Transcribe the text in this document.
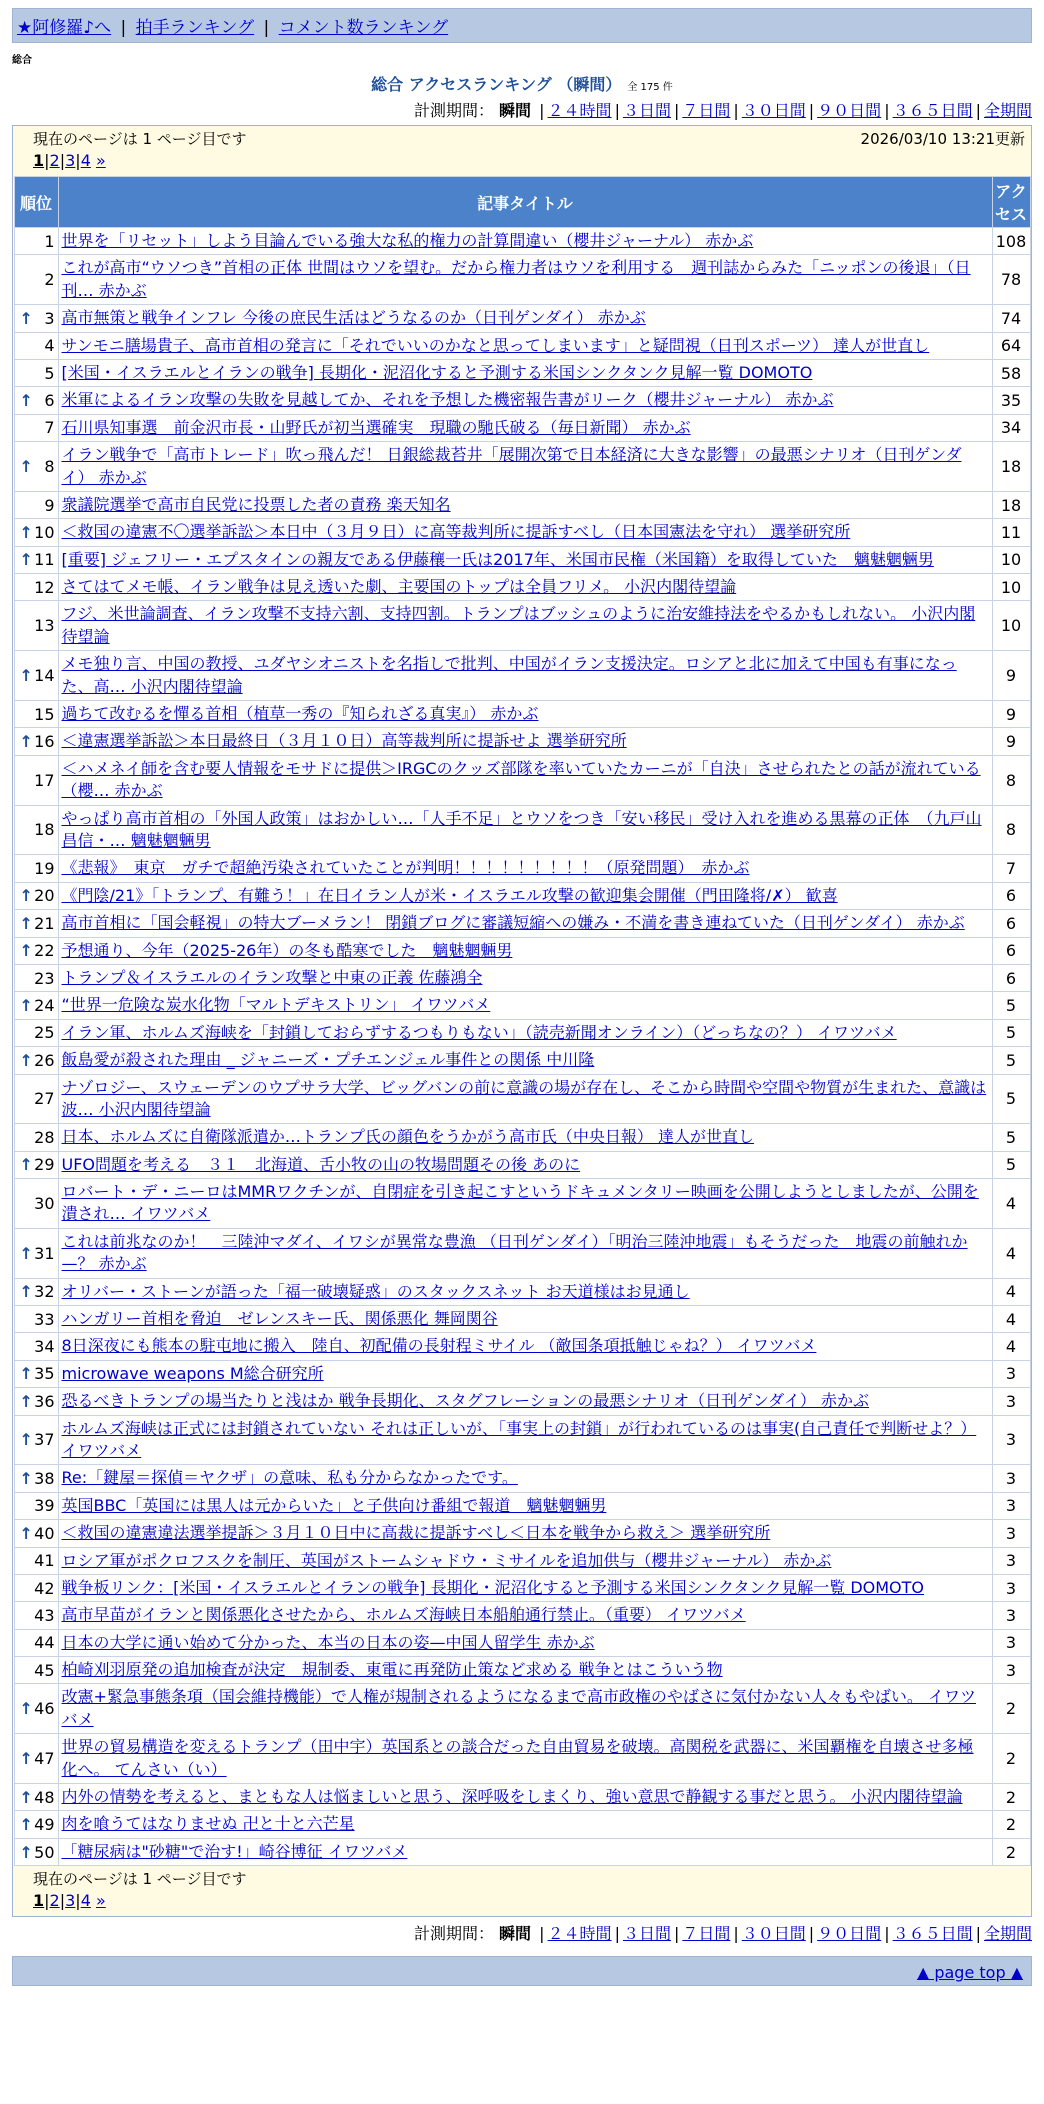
★阿修羅♪へ | 拍手ランキング | コメント数ランキング
総合
総合 アクセスランキング （瞬間） 全 175 件
計測期間： 瞬間 | ２４時間 | ３日間 | ７日間 | ３０日間 | ９０日間 | ３６５日間 | 全期間
現在のページは 1 ページ目です	2026/03/10 13:21更新
1|2|3|4 »
順位	記事タイトル	アクセス
1	世界を「リセット」しよう目論んでいる強大な私的権力の計算間違い（櫻井ジャーナル） 赤かぶ	108
2	これが高市“ウソつき”首相の正体 世間はウソを望む。だから権力者はウソを利用する　週刊誌からみた「ニッポンの後退」（日刊… 赤かぶ	78

↑ 3	高市無策と戦争インフレ 今後の庶民生活はどうなるのか（日刊ゲンダイ） 赤かぶ	74
4	サンモニ膳場貴子、高市首相の発言に「それでいいのかなと思ってしまいます」と疑問視（日刊スポーツ） 達人が世直し	64
5	[米国・イスラエルとイランの戦争] 長期化・泥沼化すると予測する米国シンクタンク見解一覧 DOMOTO	58

↑ 6	米軍によるイラン攻撃の失敗を見越してか、それを予想した機密報告書がリーク（櫻井ジャーナル） 赤かぶ	35
7	石川県知事選　前金沢市長・山野氏が初当選確実　現職の馳氏破る（毎日新聞） 赤かぶ	34

↑ 8	イラン戦争で「高市トレード」吹っ飛んだ！ 日銀総裁苔井「展開次第で日本経済に大きな影響」の最悪シナリオ（日刊ゲンダイ） 赤かぶ	18
9	衆議院選挙で高市自民党に投票した者の責務 楽天知名	18

↑ 10	＜救国の違憲不〇選挙訴訟＞本日中（３月９日）に高等裁判所に提訴すべし（日本国憲法を守れ） 選挙研究所	11

↑ 11	[重要] ジェフリー・エプスタインの親友である伊藤穰一氏は2017年、米国市民権（米国籍）を取得していた　魑魅魍魎男	10
12	さてはてメモ帳、イラン戦争は見え透いた劇、主要国のトップは全員フリメ。 小沢内閣待望論	10
13	フジ、米世論調査、イラン攻撃不支持六割、支持四割。トランプはブッシュのように治安維持法をやるかもしれない。 小沢内閣待望論	10

↑ 14	メモ独り言、中国の教授、ユダヤシオニストを名指しで批判、中国がイラン支援決定。ロシアと北に加えて中国も有事になった、高… 小沢内閣待望論	9
15	過ちて改むるを憚る首相（植草一秀の『知られざる真実』） 赤かぶ	9

↑ 16	＜違憲選挙訴訟＞本日最終日（３月１０日）高等裁判所に提訴せよ 選挙研究所	9
17	＜ハメネイ師を含む要人情報をモサドに提供＞IRGCのクッズ部隊を率いていたカーニが「自決」させられたとの話が流れている（櫻… 赤かぶ	8
18	やっぱり高市首相の「外国人政策」はおかしい…「人手不足」とウソをつき「安い移民」受け入れを進める黒幕の正体　（九戸山 昌信・… 魑魅魍魎男	8
19	《悲報》　東京　ガチで超絶汚染されていたことが判明！！！！！！！！！（原発問題）　赤かぶ	7

↑ 20	《門陰/21》「トランプ、有難う！」在日イラン人が米・イスラエル攻撃の歓迎集会開催（門田隆将/✗） 歓喜	6

↑ 21	高市首相に「国会軽視」の特大ブーメラン！ 閉鎖ブログに審議短縮への嫌み・不満を書き連ねていた（日刊ゲンダイ） 赤かぶ	6

↑ 22	予想通り、今年（2025-26年）の冬も酷寒でした　魑魅魍魎男	6
23	トランプ＆イスラエルのイラン攻撃と中東の正義 佐藤鴻全	6

↑ 24	“世界一危険な炭水化物「マルトデキストリン」 イワツバメ	5
25	イラン軍、ホルムズ海峡を「封鎖しておらずするつもりもない」（読売新聞オンライン）（どっちなの？） イワツバメ	5

↑ 26	飯島愛が殺された理由 _ ジャニーズ・プチエンジェル事件との関係 中川隆	5
27	ナゾロジー、スウェーデンのウプサラ大学、ビッグバンの前に意識の場が存在し、そこから時間や空間や物質が生まれた、意識は波… 小沢内閣待望論	5
28	日本、ホルムズに自衛隊派遣か…トランプ氏の顔色をうかがう高市氏（中央日報） 達人が世直し	5

↑ 29	UFO問題を考える　３１　北海道、舌小牧の山の牧場問題その後 あのに	5
30	ロバート・デ・ニーロはMMRワクチンが、自閉症を引き起こすというドキュメンタリー映画を公開しようとしましたが、公開を潰され… イワツバメ	4

↑ 31	これは前兆なのか！　三陸沖マダイ、イワシが異常な豊漁 （日刊ゲンダイ）「明治三陸沖地震」もそうだった　地震の前触れか—？ 赤かぶ	4

↑ 32	オリバー・ストーンが語った「福一破壊疑惑」のスタックスネット お天道様はお見通し	4
33	ハンガリー首相を脅迫　ゼレンスキー氏、関係悪化 舞岡関谷	4
34	8日深夜にも熊本の駐屯地に搬入　陸自、初配備の長射程ミサイル （敵国条項抵触じゃね？） イワツバメ	4

↑ 35	microwave weapons M総合研究所	3

↑ 36	恐るべきトランプの場当たりと浅はか 戦争長期化、スタグフレーションの最悪シナリオ（日刊ゲンダイ） 赤かぶ	3

↑ 37	ホルムズ海峡は正式には封鎖されていない それは正しいが、「事実上の封鎖」が行われているのは事実(自己責任で判断せよ？）イワツバメ	3

↑ 38	Re:「鍵屋＝探偵＝ヤクザ」の意味、私も分からなかったです。	3
39	英国BBC「英国には黒人は元からいた」と子供向け番組で報道　魑魅魍魎男	3

↑ 40	＜救国の違憲違法選挙提訴＞３月１０日中に高裁に提訴すべし＜日本を戦争から救え＞ 選挙研究所	3
41	ロシア軍がポクロフスクを制圧、英国がストームシャドウ・ミサイルを追加供与（櫻井ジャーナル） 赤かぶ	3
42	戦争板リンク：[米国・イスラエルとイランの戦争] 長期化・泥沼化すると予測する米国シンクタンク見解一覧 DOMOTO	3
43	高市早苗がイランと関係悪化させたから、ホルムズ海峡日本船舶通行禁止。（重要） イワツバメ	3
44	日本の大学に通い始めて分かった、本当の日本の姿—中国人留学生 赤かぶ	3
45	柏崎刈羽原発の追加検査が決定　規制委、東電に再発防止策など求める 戦争とはこういう物	3

↑ 46	改憲+緊急事態条項（国会維持機能）で人権が規制されるようになるまで高市政権のやばさに気付かない人々もやばい。 イワツバメ	2

↑ 47	世界の貿易構造を変えるトランプ（田中宇）英国系との談合だった自由貿易を破壊。高関税を武器に、米国覇権を自壊させ多極化へ。 てんさい（い）	2

↑ 48	内外の情勢を考えると、まともな人は悩ましいと思う、深呼吸をしまくり、強い意思で静観する事だと思う。 小沢内閣待望論	2

↑ 49	肉を喰うてはなりませぬ 卍と十と六芒星	2

↑ 50	「糖尿病は"砂糖"で治す!」崎谷博征 イワツバメ	2
現在のページは 1 ページ目です
1|2|3|4 »
計測期間： 瞬間 | ２４時間 | ３日間 | ７日間 | ３０日間 | ９０日間 | ３６５日間 | 全期間
▲ page top ▲
